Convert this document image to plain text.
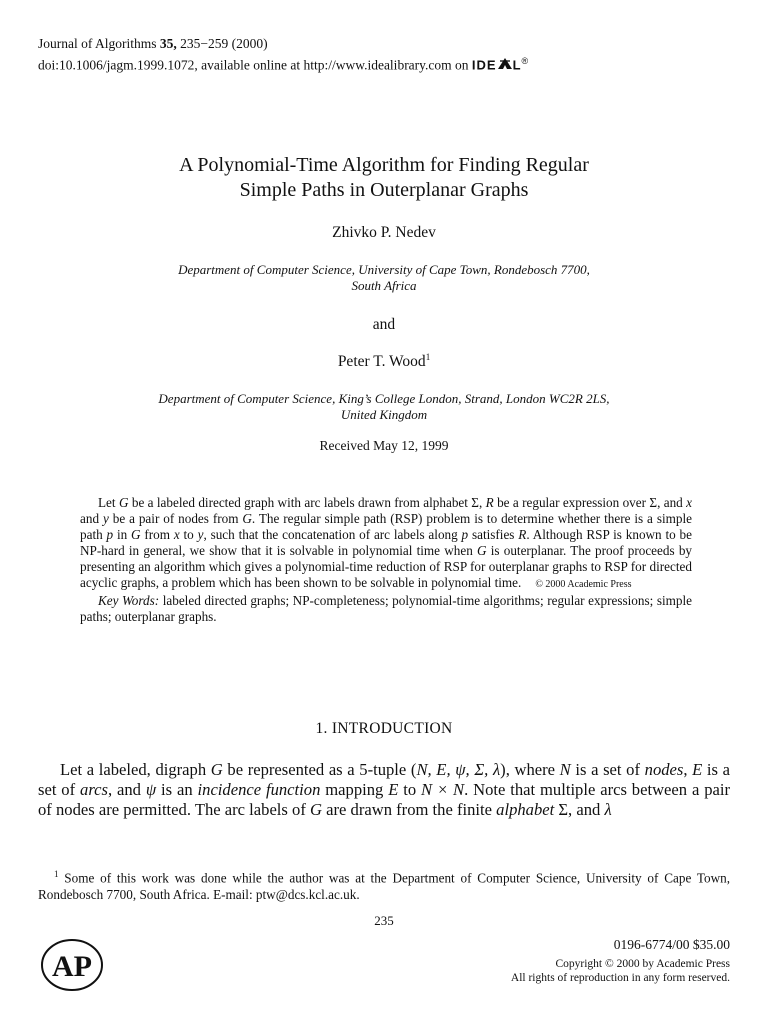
Journal of Algorithms 35, 235−259 (2000)
doi:10.1006/jagm.1999.1072, available online at http://www.idealibrary.com on IDE L®
A Polynomial-Time Algorithm for Finding Regular
Simple Paths in Outerplanar Graphs
Zhivko P. Nedev
Department of Computer Science, University of Cape Town, Rondebosch 7700,
South Africa
and
Peter T. Wood$^1$
Department of Computer Science, King’s College London, Strand, London WC2R 2LS,
United Kingdom
Received May 12, 1999

Let G be a labeled directed graph with arc labels drawn from alphabet Σ, R be a regular expression over Σ, and x and y be a pair of nodes from G. The regular simple path (RSP) problem is to determine whether there is a simple path p in G from x to y, such that the concatenation of arc labels along p satisfies R. Although RSP is known to be NP-hard in general, we show that it is solvable in polynomial time when G is outerplanar. The proof proceeds by presenting an algorithm which gives a polynomial-time reduction of RSP for outerplanar graphs to RSP for directed acyclic graphs, a problem which has been shown to be solvable in polynomial time. © 2000 Academic Press

Key Words: labeled directed graphs; NP-completeness; polynomial-time algorithms; regular expressions; simple paths; outerplanar graphs.

1. INTRODUCTION

Let a labeled, digraph G be represented as a 5-tuple (N, E, ψ, Σ, λ), where N is a set of nodes, E is a set of arcs, and ψ is an incidence function mapping E to N × N. Note that multiple arcs between a pair of nodes are permitted. The arc labels of G are drawn from the finite alphabet Σ, and λ

$^1$ Some of this work was done while the author was at the Department of Computer Science, University of Cape Town, Rondebosch 7700, South Africa. E-mail: ptw@dcs.kcl.ac.uk.

235
AP
0196-6774/00 $35.00
Copyright © 2000 by Academic Press
All rights of reproduction in any form reserved.
